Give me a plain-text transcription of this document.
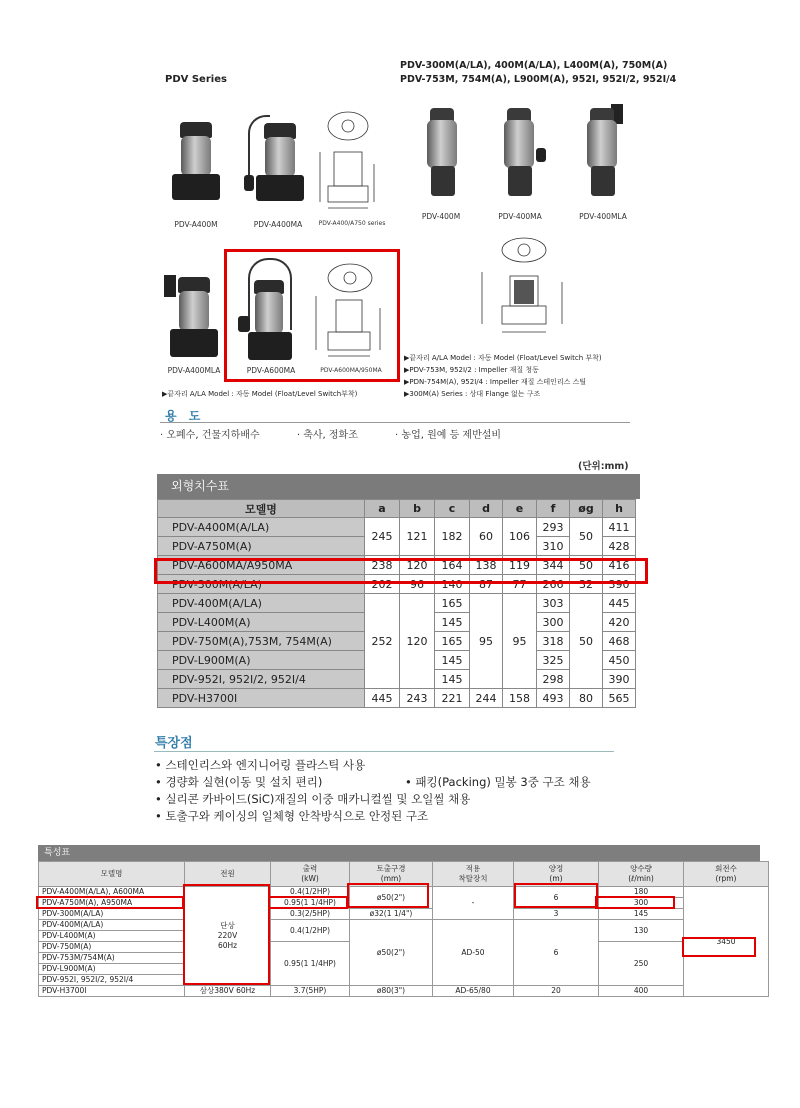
PDV Series
PDV-300M(A/LA), 400M(A/LA), L400M(A), 750M(A)
PDV-753M, 754M(A), L900M(A), 952I, 952I/2, 952I/4
PDV-A400M	PDV-A400MA	PDV-A400/A750 series
PDV-400M	PDV-400MA	PDV-400MLA
PDV-A400MLA	PDV-A600MA	PDV-A600MA/950MA
▶끝자리 A/LA Model : 자동 Model (Float/Level Switch부착)
▶끝자리 A/LA Model : 자동 Model (Float/Level Switch 부착)
▶PDV-753M, 952I/2 : Impeller 재질 청동
▶PDN-754M(A), 952I/4 : Impeller 재질 스테인리스 스틸
▶300M(A) Series : 상대 Flange 없는 구조
용 도
· 오폐수, 건물지하배수	· 축사, 정화조	· 농업, 원예 등 제반설비
(단위:mm)
외형치수표
모델명	a	b	c	d	e	f	øg	h
PDV-A400M(A/LA)	245	121	182	60	106	293	50	411
PDV-A750M(A)						310		428
PDV-A600MA/A950MA	238	120	164	138	119	344	50	416
PDV-300M(A/LA)	202	96	140	87	77	266	32	390
PDV-400M(A/LA)	252	120	165	95	95	303	50	445
PDV-L400M(A)			145			300		420
PDV-750M(A),753M, 754M(A)			165			318		468
PDV-L900M(A)			145			325		450
PDV-952I, 952I/2, 952I/4			145			298		390
PDV-H3700I	445	243	221	244	158	493	80	565
특장점
• 스테인리스와 엔지니어링 플라스틱 사용
• 경량화 실현(이동 및 설치 편리)	• 패킹(Packing) 밀봉 3중 구조 채용
• 실리콘 카바이드(SiC)재질의 이중 매카니컬씰 및 오일씰 채용
• 토출구와 케이싱의 일체형 안착방식으로 안정된 구조
특성표
모델명	전원	출력
(kW)	토출구경
(mm)	적용
착탈장치	양정
(m)	양수량
(ℓ/min)	회전수
(rpm)
PDV-A400M(A/LA), A600MA	단상
220V
60Hz	0.4(1/2HP)	ø50(2")	-	6	180	3450
PDV-A750M(A), A950MA		0.95(1 1/4HP)				300	
PDV-300M(A/LA)		0.3(2/5HP)	ø32(1 1/4")		3	145	
PDV-400M(A/LA)		0.4(1/2HP)	ø50(2")	AD-50	6	130	
PDV-L400M(A)							
PDV-750M(A)		0.95(1 1/4HP)				250	
PDV-753M/754M(A)							
PDV-L900M(A)							
PDV-952I, 952I/2, 952I/4							
PDV-H3700I	삼상380V 60Hz	3.7(5HP)	ø80(3")	AD-65/80	20	400	
